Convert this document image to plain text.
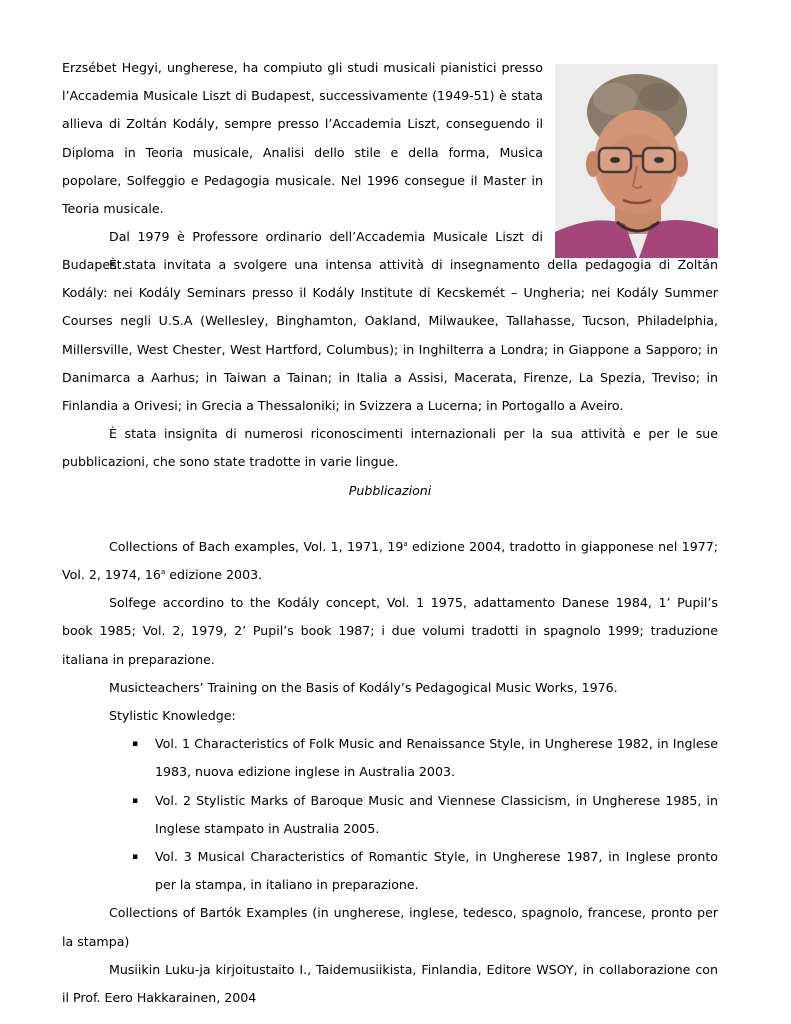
Erzsébet Hegyi, ungherese, ha compiuto gli studi musicali pianistici presso l’Accademia Musicale Liszt di Budapest, successivamente (1949-51) è stata allieva di Zoltán Kodály, sempre presso l’Accademia Liszt, conseguendo il Diploma in Teoria musicale, Analisi dello stile e della forma, Musica popolare, Solfeggio e Pedagogia musicale. Nel 1996 consegue il Master in Teoria musicale.

Dal 1979 è Professore ordinario dell’Accademia Musicale Liszt di Budapest.

È stata invitata a svolgere una intensa attività di insegnamento della pedagogia di Zoltán Kodály: nei Kodály Seminars presso il Kodály Institute di Kecskemét – Ungheria; nei Kodály Summer Courses negli U.S.A (Wellesley, Binghamton, Oakland, Milwaukee, Tallahasse, Tucson, Philadelphia, Millersville, West Chester, West Hartford, Columbus); in Inghilterra a Londra; in Giappone a Sapporo; in Danimarca a Aarhus; in Taiwan a Tainan; in Italia a Assisi, Macerata, Firenze, La Spezia, Treviso; in Finlandia a Orivesi; in Grecia a Thessaloniki; in Svizzera a Lucerna; in Portogallo a Aveiro.

È stata insignita di numerosi riconoscimenti internazionali per la sua attività e per le sue pubblicazioni, che sono state tradotte in varie lingue.

Pubblicazioni

Collections of Bach examples, Vol. 1, 1971, 19$^a$ edizione 2004, tradotto in giapponese nel 1977; Vol. 2, 1974, 16$^a$ edizione 2003.

Solfege accordino to the Kodály concept, Vol. 1 1975, adattamento Danese 1984, 1’ Pupil’s book 1985; Vol. 2, 1979, 2’ Pupil’s book 1987; i due volumi tradotti in spagnolo 1999; traduzione italiana in preparazione.

Musicteachers’ Training on the Basis of Kodály’s Pedagogical Music Works, 1976.

Stylistic Knowledge:

▪ Vol. 1 Characteristics of Folk Music and Renaissance Style, in Ungherese 1982, in Inglese 1983, nuova edizione inglese in Australia 2003.
▪ Vol. 2 Stylistic Marks of Baroque Music and Viennese Classicism, in Ungherese 1985, in Inglese stampato in Australia 2005.
▪ Vol. 3 Musical Characteristics of Romantic Style, in Ungherese 1987, in Inglese pronto per la stampa, in italiano in preparazione.

Collections of Bartók Examples (in ungherese, inglese, tedesco, spagnolo, francese, pronto per la stampa)

Musiikin Luku-ja kirjoitustaito I., Taidemusiikista, Finlandia, Editore WSOY, in collaborazione con il Prof. Eero Hakkarainen, 2004
